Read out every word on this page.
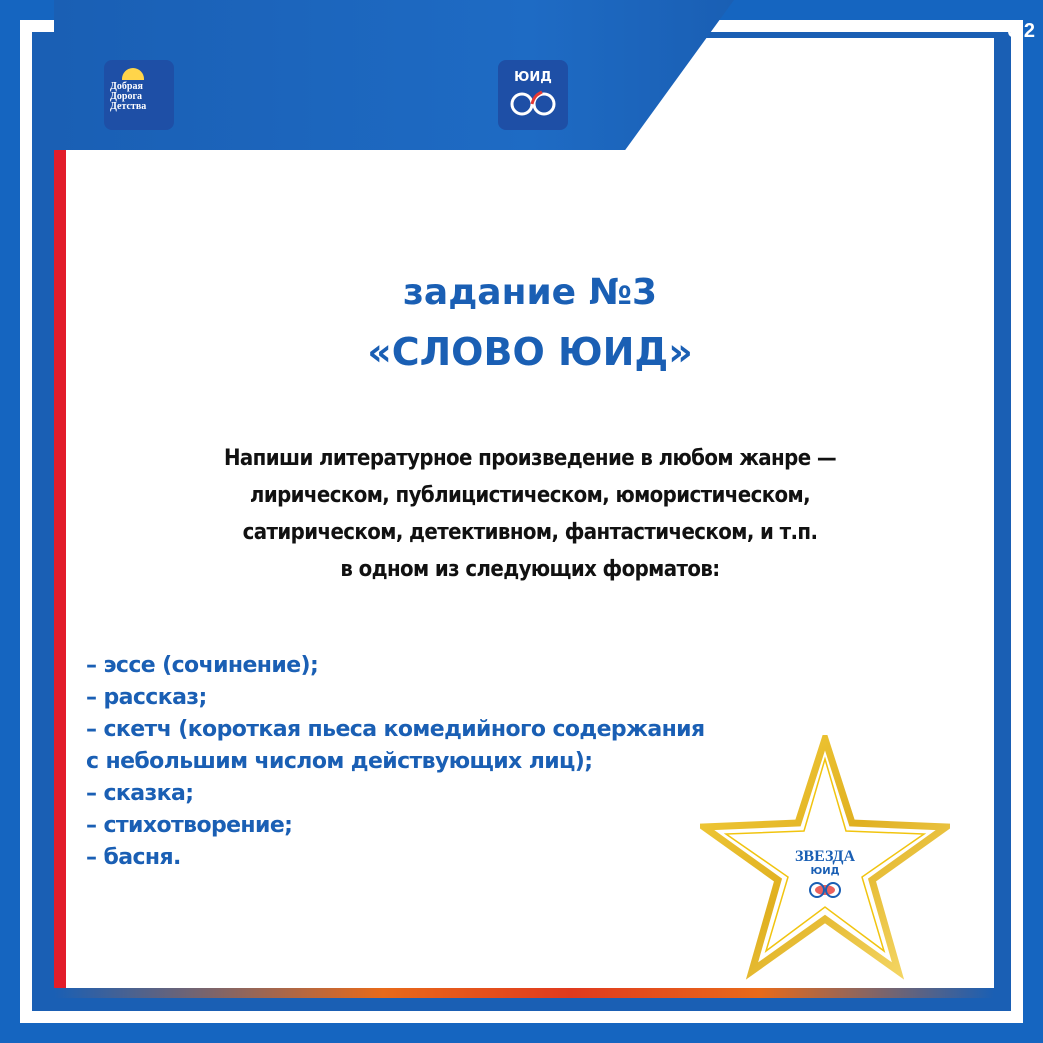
6.2
Добрая
Дорога
Детства

ЮИД
задание №3
«СЛОВО ЮИД»
Напиши литературное произведение в любом жанре —
лирическом, публицистическом, юмористическом,
сатирическом, детективном, фантастическом, и т.п.
в одном из следующих форматов:
– эссе (сочинение);
– рассказ;
– скетч (короткая пьеса комедийного содержания
с небольшим числом действующих лиц);
– сказка;
– стихотворение;
– басня.	ЗВЕЗДА
ЮИД
